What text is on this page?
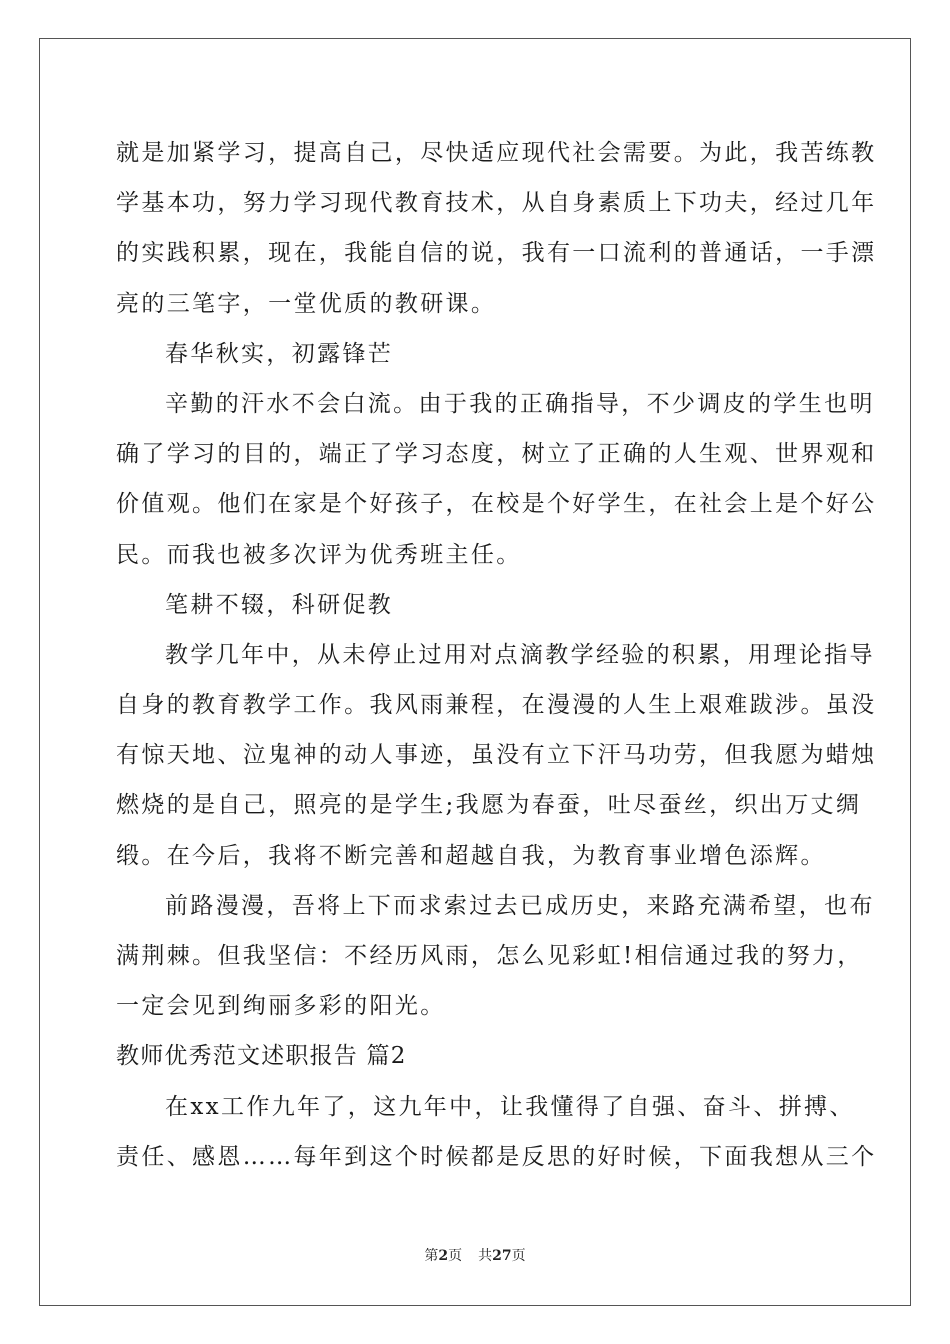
就是加紧学习，提高自己，尽快适应现代社会需要。为此，我苦练教
学基本功，努力学习现代教育技术，从自身素质上下功夫，经过几年
的实践积累，现在，我能自信的说，我有一口流利的普通话，一手漂
亮的三笔字，一堂优质的教研课。
春华秋实，初露锋芒
辛勤的汗水不会白流。由于我的正确指导，不少调皮的学生也明
确了学习的目的，端正了学习态度，树立了正确的人生观、世界观和
价值观。他们在家是个好孩子，在校是个好学生，在社会上是个好公
民。而我也被多次评为优秀班主任。
笔耕不辍，科研促教
教学几年中，从未停止过用对点滴教学经验的积累，用理论指导
自身的教育教学工作。我风雨兼程，在漫漫的人生上艰难跋涉。虽没
有惊天地、泣鬼神的动人事迹，虽没有立下汗马功劳，但我愿为蜡烛
燃烧的是自己，照亮的是学生;我愿为春蚕，吐尽蚕丝，织出万丈绸
缎。在今后，我将不断完善和超越自我，为教育事业增色添辉。
前路漫漫，吾将上下而求索过去已成历史，来路充满希望，也布
满荆棘。但我坚信：不经历风雨，怎么见彩虹!相信通过我的努力，
一定会见到绚丽多彩的阳光。
教师优秀范文述职报告 篇2
在xx工作九年了，这九年中，让我懂得了自强、奋斗、拼搏、
责任、感恩……每年到这个时候都是反思的好时候，下面我想从三个
第2页 共27页
